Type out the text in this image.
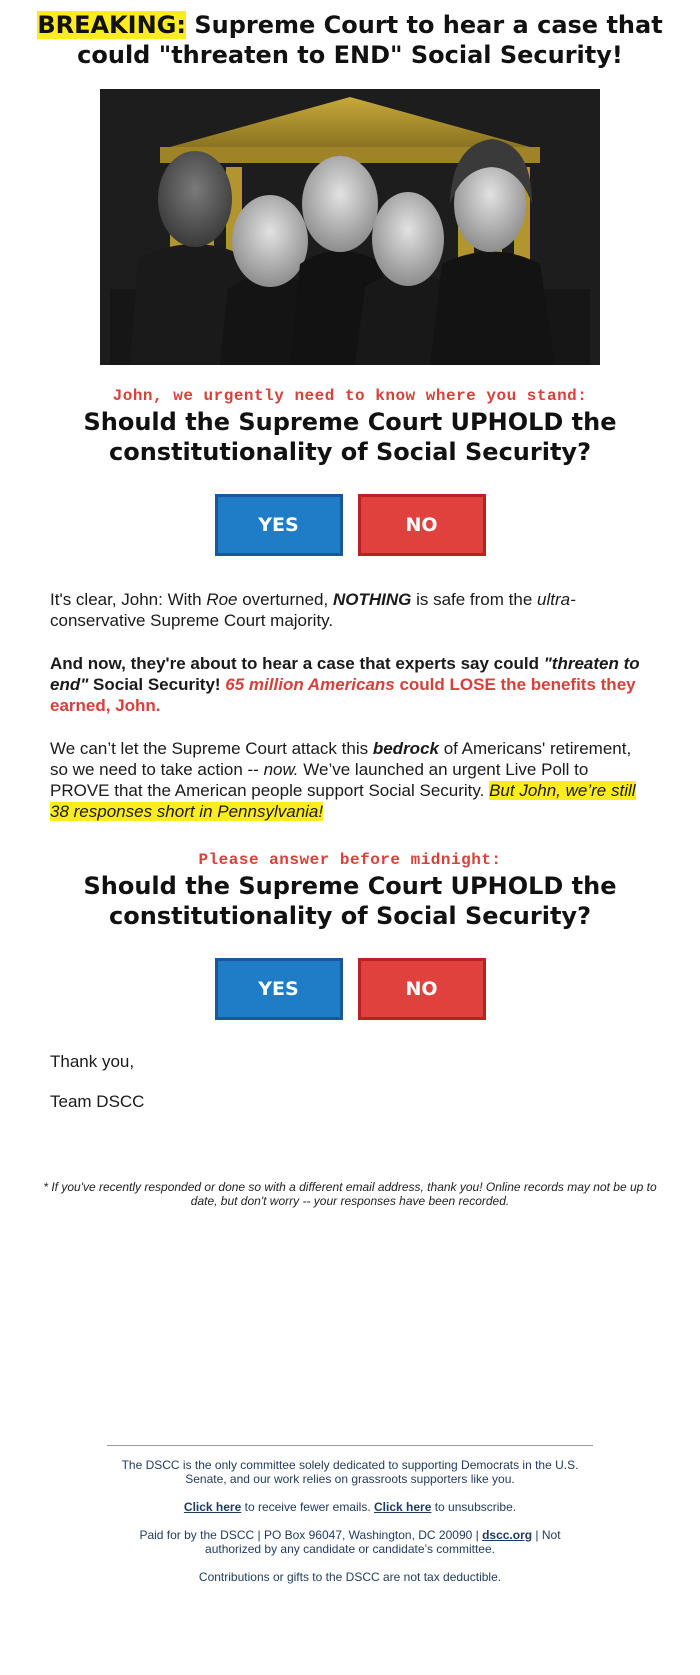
BREAKING: Supreme Court to hear a case that
could "threaten to END" Social Security!

John, we urgently need to know where you stand:

Should the Supreme Court UPHOLD the
constitutionality of Social Security?
YES	NO

It's clear, John: With Roe overturned, NOTHING is safe from the ultra-conservative Supreme Court majority.

And now, they're about to hear a case that experts say could "threaten to end" Social Security! 65 million Americans could LOSE the benefits they earned, John.

We can’t let the Supreme Court attack this bedrock of Americans' retirement, so we need to take action -- now. We’ve launched an urgent Live Poll to PROVE that the American people support Social Security. But John, we’re still 38 responses short in Pennsylvania!

Please answer before midnight:

Should the Supreme Court UPHOLD the
constitutionality of Social Security?
YES	NO

Thank you,

Team DSCC

* If you've recently responded or done so with a different email address, thank you! Online records may not be up to date, but don't worry -- your responses have been recorded.

The DSCC is the only committee solely dedicated to supporting Democrats in the U.S. Senate, and our work relies on grassroots supporters like you.

Click here to receive fewer emails. Click here to unsubscribe.

Paid for by the DSCC | PO Box 96047, Washington, DC 20090 | dscc.org | Not authorized by any candidate or candidate’s committee.

Contributions or gifts to the DSCC are not tax deductible.
